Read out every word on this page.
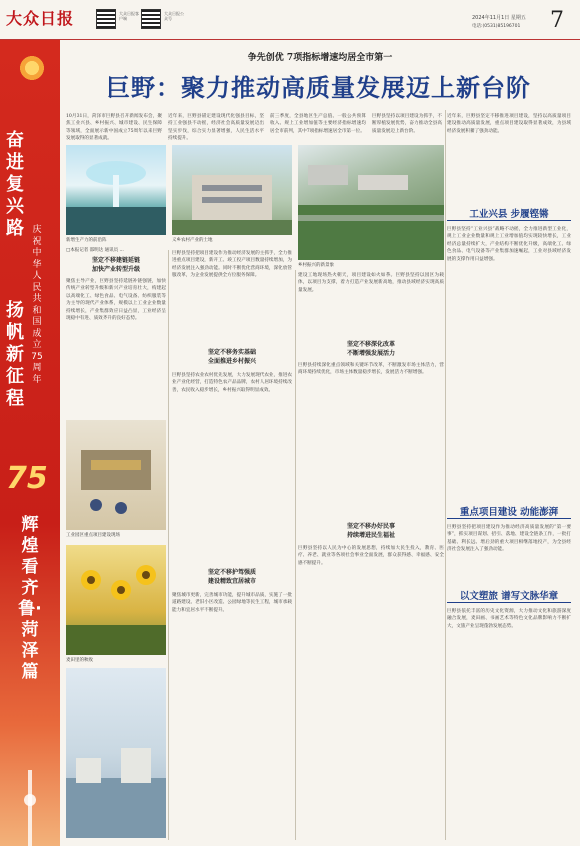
大众日报	大众日报客户端
大众日报公众号	2024年11月1日 星期五
电话:(0531)85196701 7
奋进复兴路 庆祝中华人民共和国成立75周年
扬帆新征程
75
辉煌看齐鲁·菏泽篇
争先创优 7项指标增速均居全市第一
巨野：聚力推动高质量发展迈上新台阶
10月31日，菏泽市巨野县召开新闻发布会，聚焦工业兴县、乡村振兴、城市建设、民生保障等领域，全面展示新中国成立75周年以来巨野发展取得的显著成就。
近年来，巨野县锚定建设现代化强县目标，坚持工业强县不动摇，经济社会高质量发展迈出坚实步伐，综合实力显著增强，人民生活水平持续提升。
前三季度，全县地区生产总值、一般公共预算收入、规上工业增加值等主要经济指标增速均居全市前列，其中7项指标增速居全市第一位。
巨野县坚持以项目建设为抓手，不断厚植发展优势，奋力推动全县高质量发展迈上新台阶。
新增生产力的前沿阵	义乡农村产业的土地
乡村振兴的新景象
□本报记者 邵明达 通讯员 ...
坚定不移建链延链
加快产业转型升级
聚焦主导产业，巨野县坚持延链补链强链，加快传统产业转型升级和新兴产业培育壮大，构建起以高端化工、绿色食品、电气设备、纺织服装等为主导的现代产业体系，规模以上工业企业数量持续增长，产业集群效应日益凸显，工业经济呈现稳中有进、质效齐升的良好态势。
工业园区重点项目建设现场
麦田里的秋收
巨野县坚持把项目建设作为推动经济发展的主抓手，全力推进重点项目建设，新开工、竣工投产项目数量持续增加，为经济发展注入强劲动能。同时不断优化营商环境，深化放管服改革，为企业发展提供全方位服务保障。
坚定不移务实基础
全面推进乡村振兴
巨野县坚持农业农村优先发展，大力发展现代农业，推进农业产业化经营，打造特色农产品品牌，农村人居环境持续改善，农民收入稳步增长，乡村振兴取得明显成效。
坚定不移护驾强质
建设精致宜居城市
聚焦城市更新，完善城市功能，提升城市品质，实施了一批道路建设、老旧小区改造、公园绿地等民生工程，城市承载能力和宜居水平不断提升。
建设工地现场热火朝天，项目建设如火如荼。巨野县坚持以园区为载体，以项目为支撑，着力打造产业发展新高地，推动县域经济实现高质量发展。
坚定不移深化改革
不断增强发展活力
巨野县持续深化重点领域和关键环节改革，不断激发市场主体活力，营商环境持续优化，市场主体数量稳步增长，发展活力不断增强。
坚定不移办好民事
持续增进民生福祉
巨野县坚持以人民为中心的发展思想，持续加大民生投入，教育、医疗、养老、就业等各项社会事业全面发展，群众获得感、幸福感、安全感不断提升。
近年来，巨野县坚定不移推进项目建设，坚持以高质量项目建设推动高质量发展，重点项目建设取得显著成效，为县域经济发展积蓄了强劲动能。
工业兴县 步履铿锵
巨野县坚持“工业兴县”战略不动摇，全力推进新型工业化，规上工业企业数量和规上工业增加值均实现较快增长，工业经济总量持续扩大，产业结构不断优化升级，高端化工、绿色食品、电气设备等产业集群加速崛起，工业对县域经济发展的支撑作用日益增强。
重点项目建设 动能澎湃
巨野县坚持把项目建设作为推动经济高质量发展的“第一要事”，抓实项目谋划、招引、落地、建设全链条工作，一批打基础、利长远、增后劲的重大项目相继落地投产，为全县经济社会发展注入了强劲动能。
以文塑旅 谱写文脉华章
巨野县依托丰富的历史文化资源，大力推动文化和旅游深度融合发展，麦田画、书画艺术等特色文化品牌影响力不断扩大，文旅产业呈现蓬勃发展态势。
